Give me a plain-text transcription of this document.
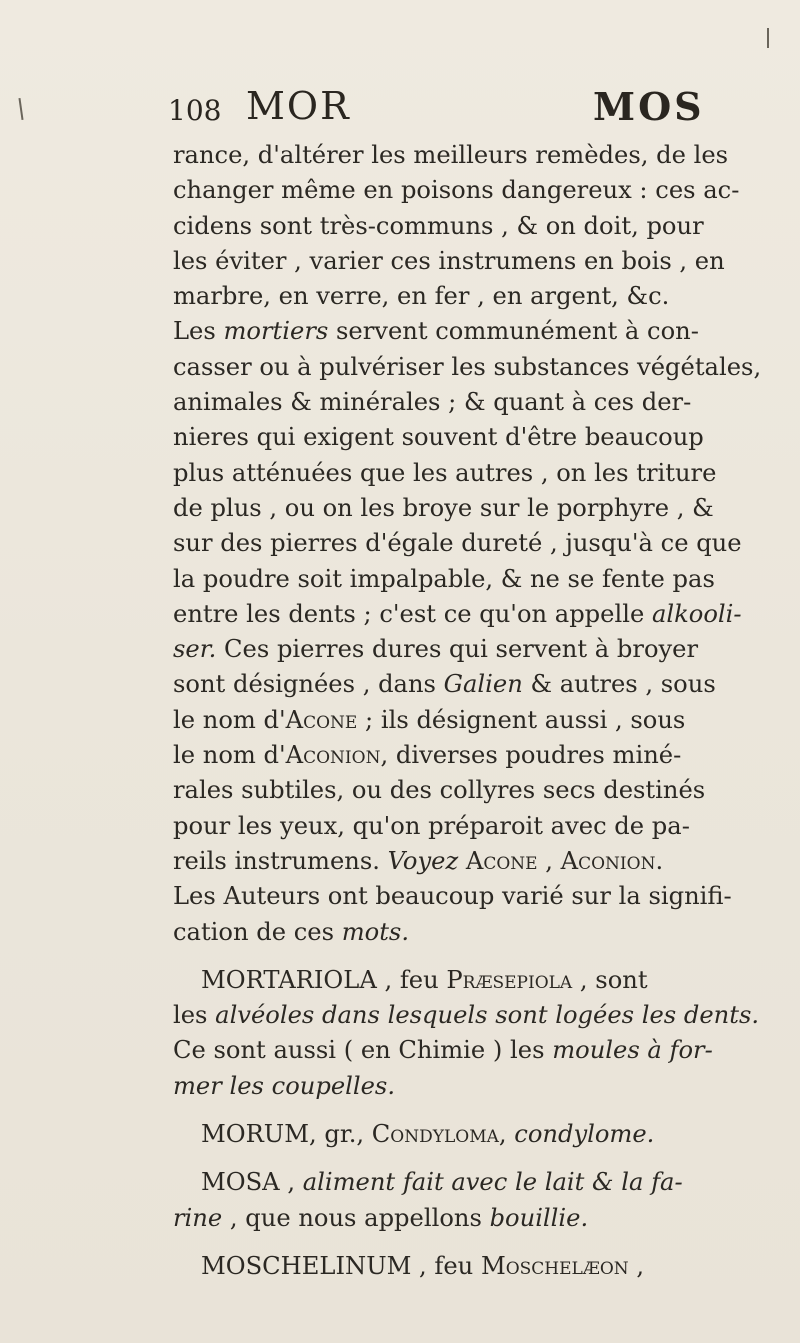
108 MOR	MOS
rance, d'altérer les meilleurs remèdes, de les
changer même en poisons dangereux : ces ac-
cidens sont très-communs , & on doit, pour
les éviter , varier ces instrumens en bois , en
marbre, en verre, en fer , en argent, &c.
Les mortiers servent communément à con-
casser ou à pulvériser les substances végétales,
animales & minérales ; & quant à ces der-
nieres qui exigent souvent d'être beaucoup
plus atténuées que les autres , on les triture
de plus , ou on les broye sur le porphyre , &
sur des pierres d'égale dureté , jusqu'à ce que
la poudre soit impalpable, & ne se fente pas
entre les dents ; c'est ce qu'on appelle alkooli-
ser. Ces pierres dures qui servent à broyer
sont désignées , dans Galien & autres , sous
le nom d'Acone ; ils désignent aussi , sous
le nom d'Aconion, diverses poudres miné-
rales subtiles, ou des collyres secs destinés
pour les yeux, qu'on préparoit avec de pa-
reils instrumens. Voyez Acone , Aconion.
Les Auteurs ont beaucoup varié sur la signifi-
cation de ces mots.
MORTARIOLA , feu Præsepiola , sont
les alvéoles dans lesquels sont logées les dents.
Ce sont aussi ( en Chimie ) les moules à for-
mer les coupelles.
MORUM, gr., Condyloma, condylome.
MOSA , aliment fait avec le lait & la fa-
rine , que nous appellons bouillie.
MOSCHELINUM , feu Moschelæon ,
